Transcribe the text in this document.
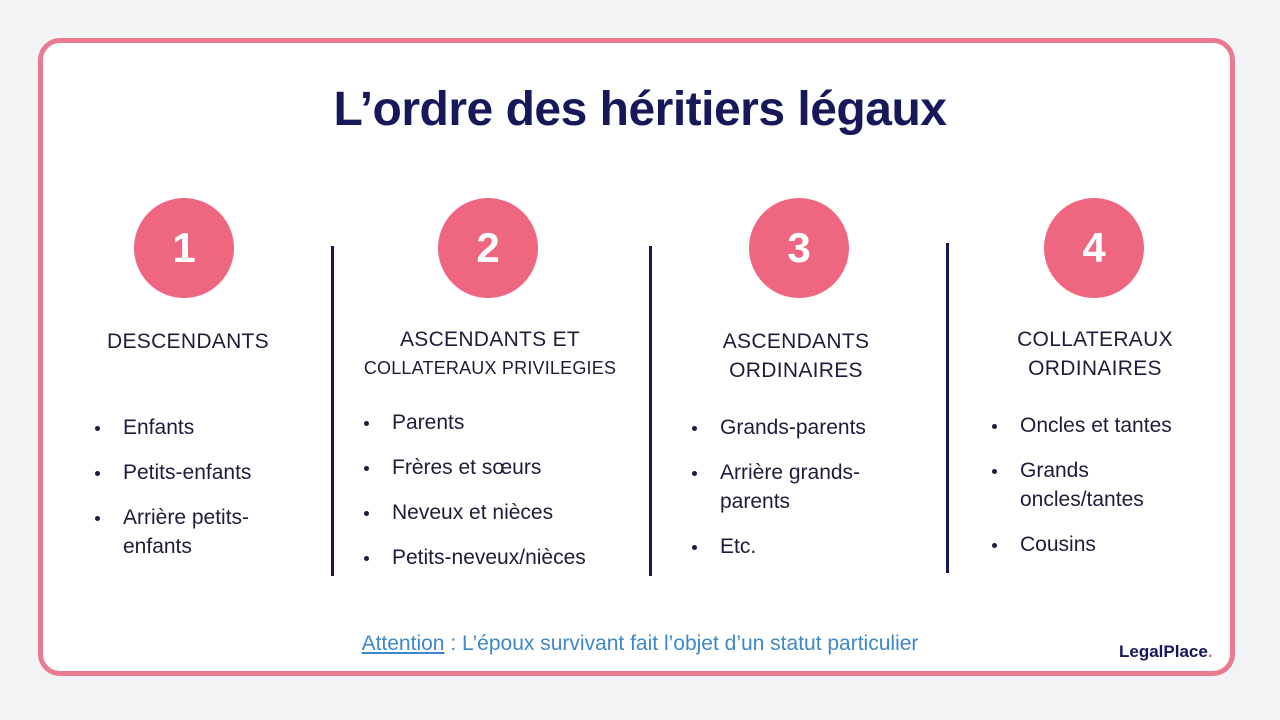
L’ordre des héritiers légaux
1
DESCENDANTS
Enfants
Petits-enfants
Arrière petits-enfants
2
ASCENDANTS ET
COLLATERAUX PRIVILEGIES
Parents
Frères et sœurs
Neveux et nièces
Petits-neveux/nièces
3
ASCENDANTS
ORDINAIRES
Grands-parents
Arrière grands-parents
Etc.
4
COLLATERAUX
ORDINAIRES
Oncles et tantes
Grands oncles/tantes
Cousins
Attention : L’époux survivant fait l’objet d’un statut particulier	LegalPlace.
